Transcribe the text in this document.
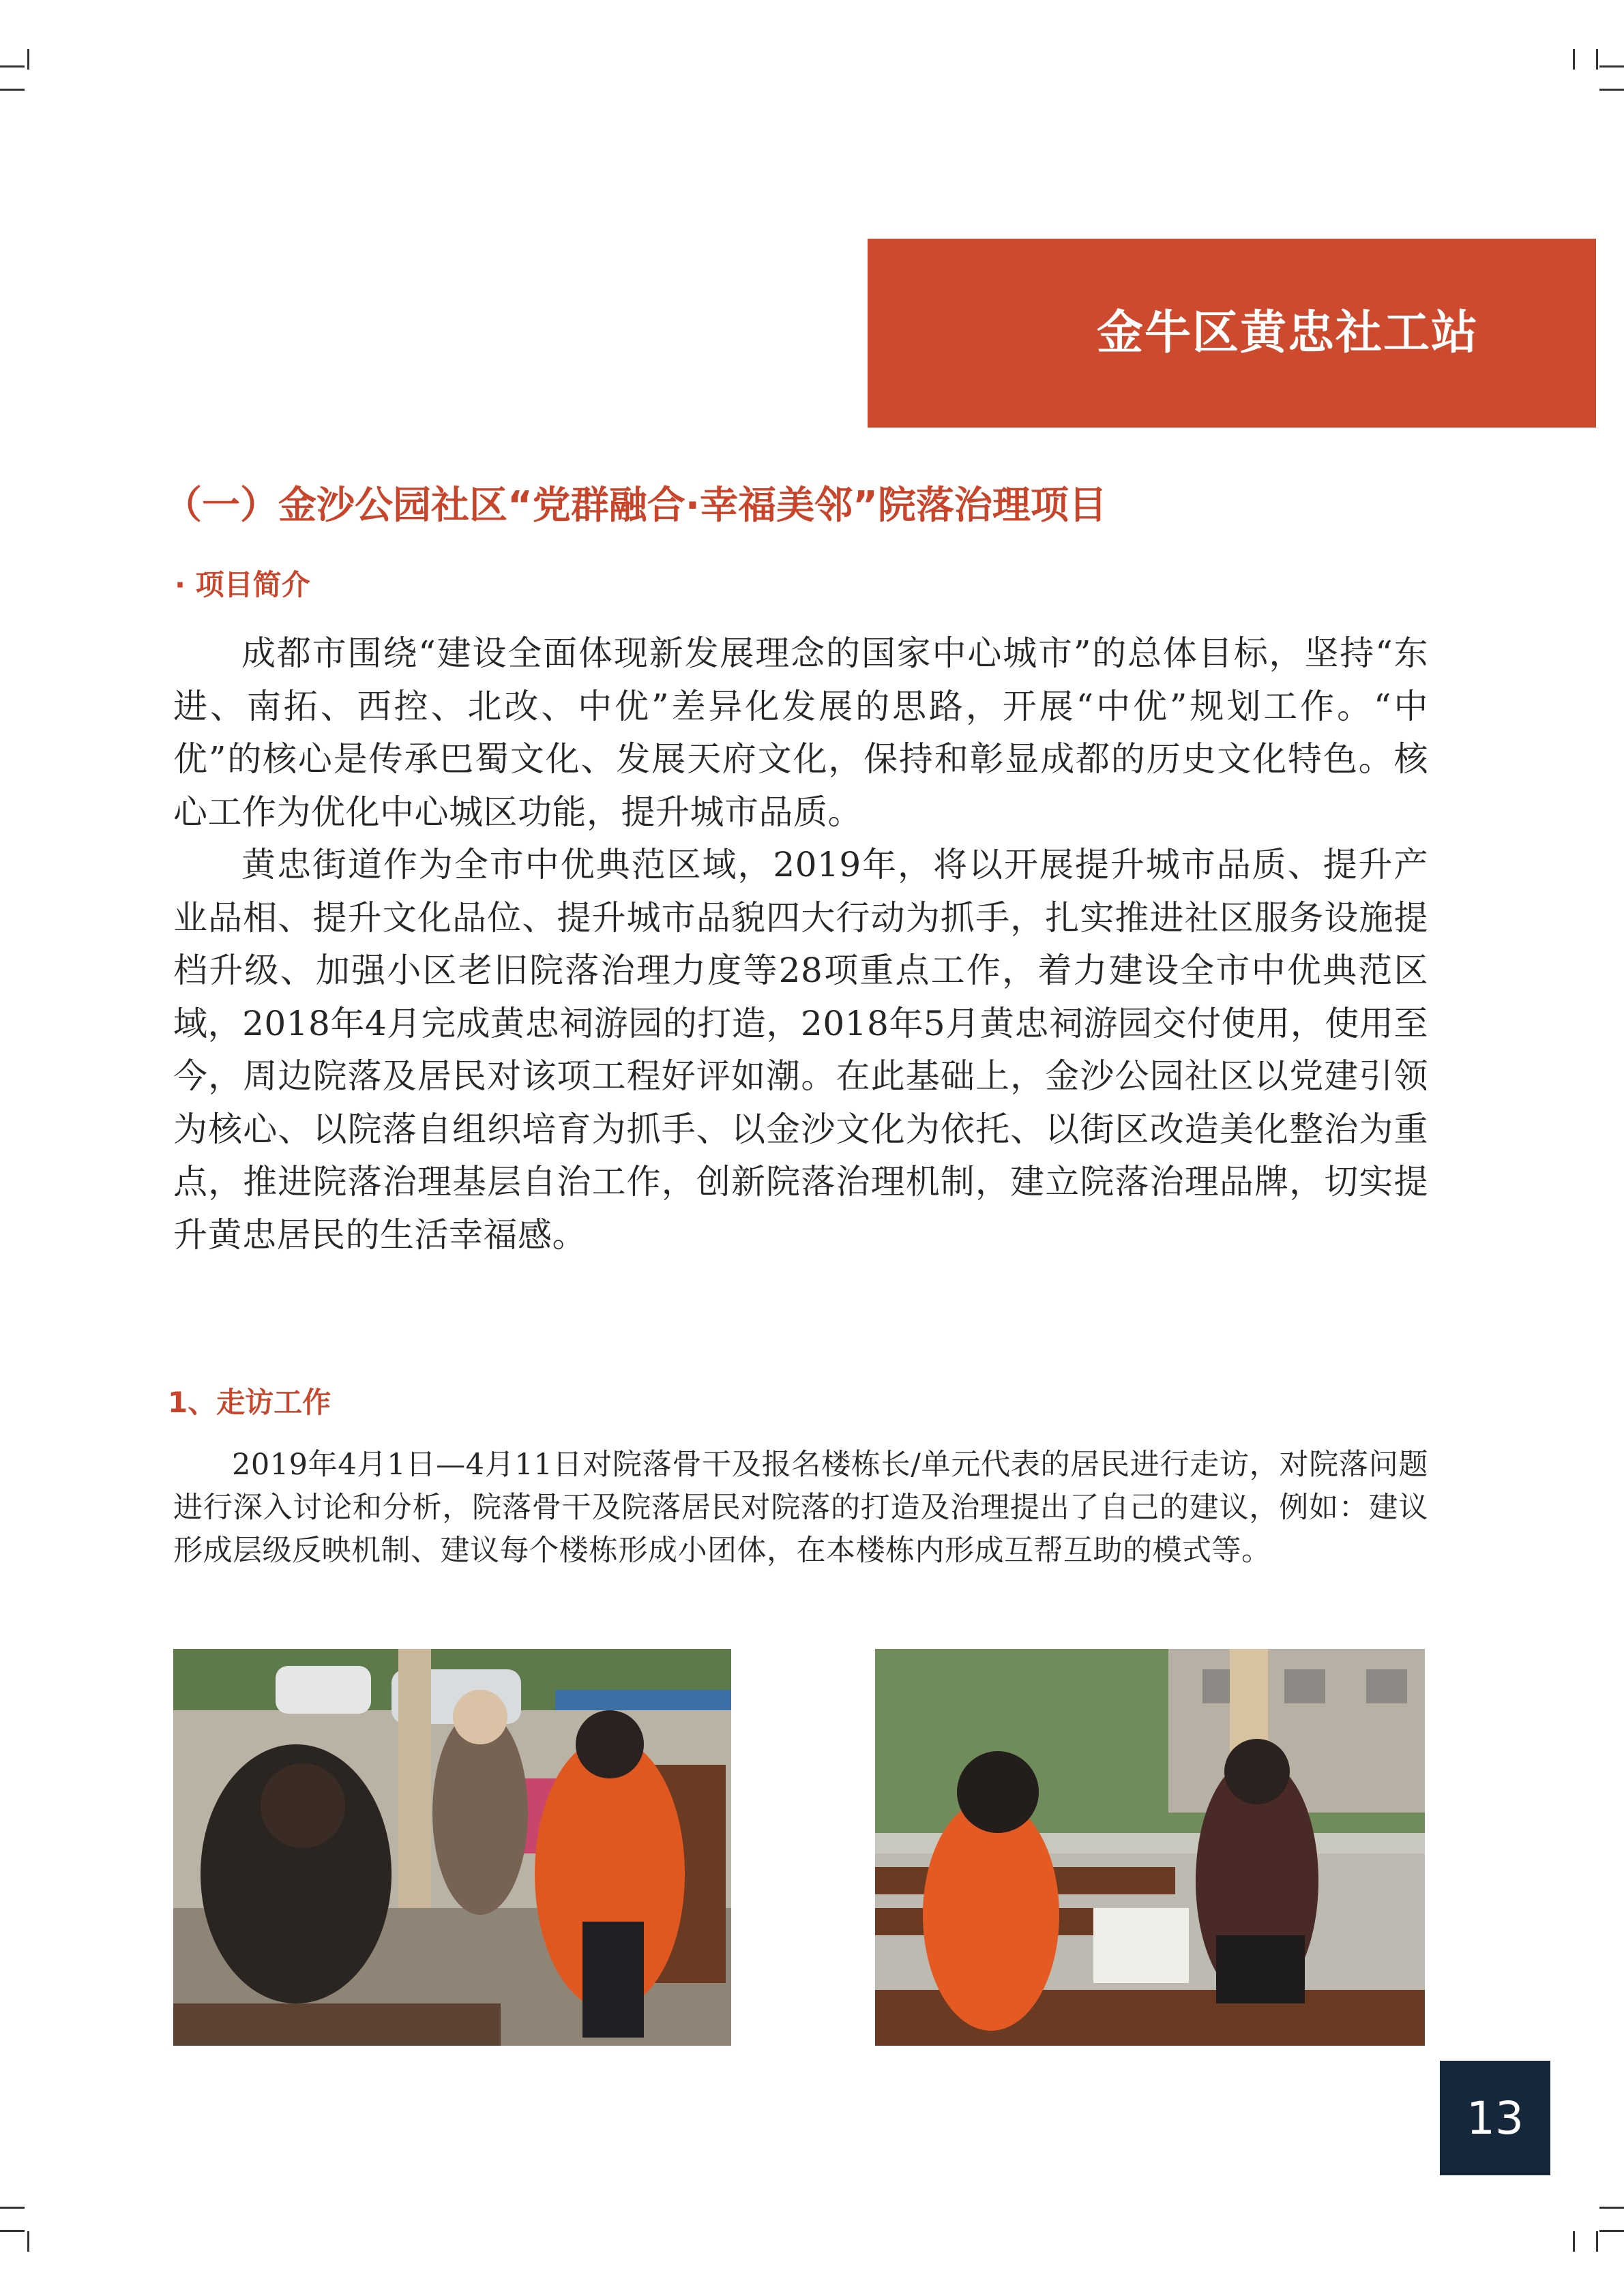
金牛区黄忠社工站
（一）金沙公园社区“党群融合·幸福美邻”院落治理项目
· 项目简介

成都市围绕“建设全面体现新发展理念的国家中心城市”的总体目标，坚持“东进、南拓、西控、北改、中优”差异化发展的思路，开展“中优”规划工作。“中优”的核心是传承巴蜀文化、发展天府文化，保持和彰显成都的历史文化特色。核心工作为优化中心城区功能，提升城市品质。

黄忠街道作为全市中优典范区域，2019年，将以开展提升城市品质、提升产业品相、提升文化品位、提升城市品貌四大行动为抓手，扎实推进社区服务设施提档升级、加强小区老旧院落治理力度等28项重点工作，着力建设全市中优典范区域，2018年4月完成黄忠祠游园的打造，2018年5月黄忠祠游园交付使用，使用至今，周边院落及居民对该项工程好评如潮。在此基础上，金沙公园社区以党建引领为核心、以院落自组织培育为抓手、以金沙文化为依托、以街区改造美化整治为重点，推进院落治理基层自治工作，创新院落治理机制，建立院落治理品牌，切实提升黄忠居民的生活幸福感。

1、走访工作

2019年4月1日—4月11日对院落骨干及报名楼栋长/单元代表的居民进行走访，对院落问题进行深入讨论和分析，院落骨干及院落居民对院落的打造及治理提出了自己的建议，例如：建议形成层级反映机制、建议每个楼栋形成小团体，在本楼栋内形成互帮互助的模式等。

13
